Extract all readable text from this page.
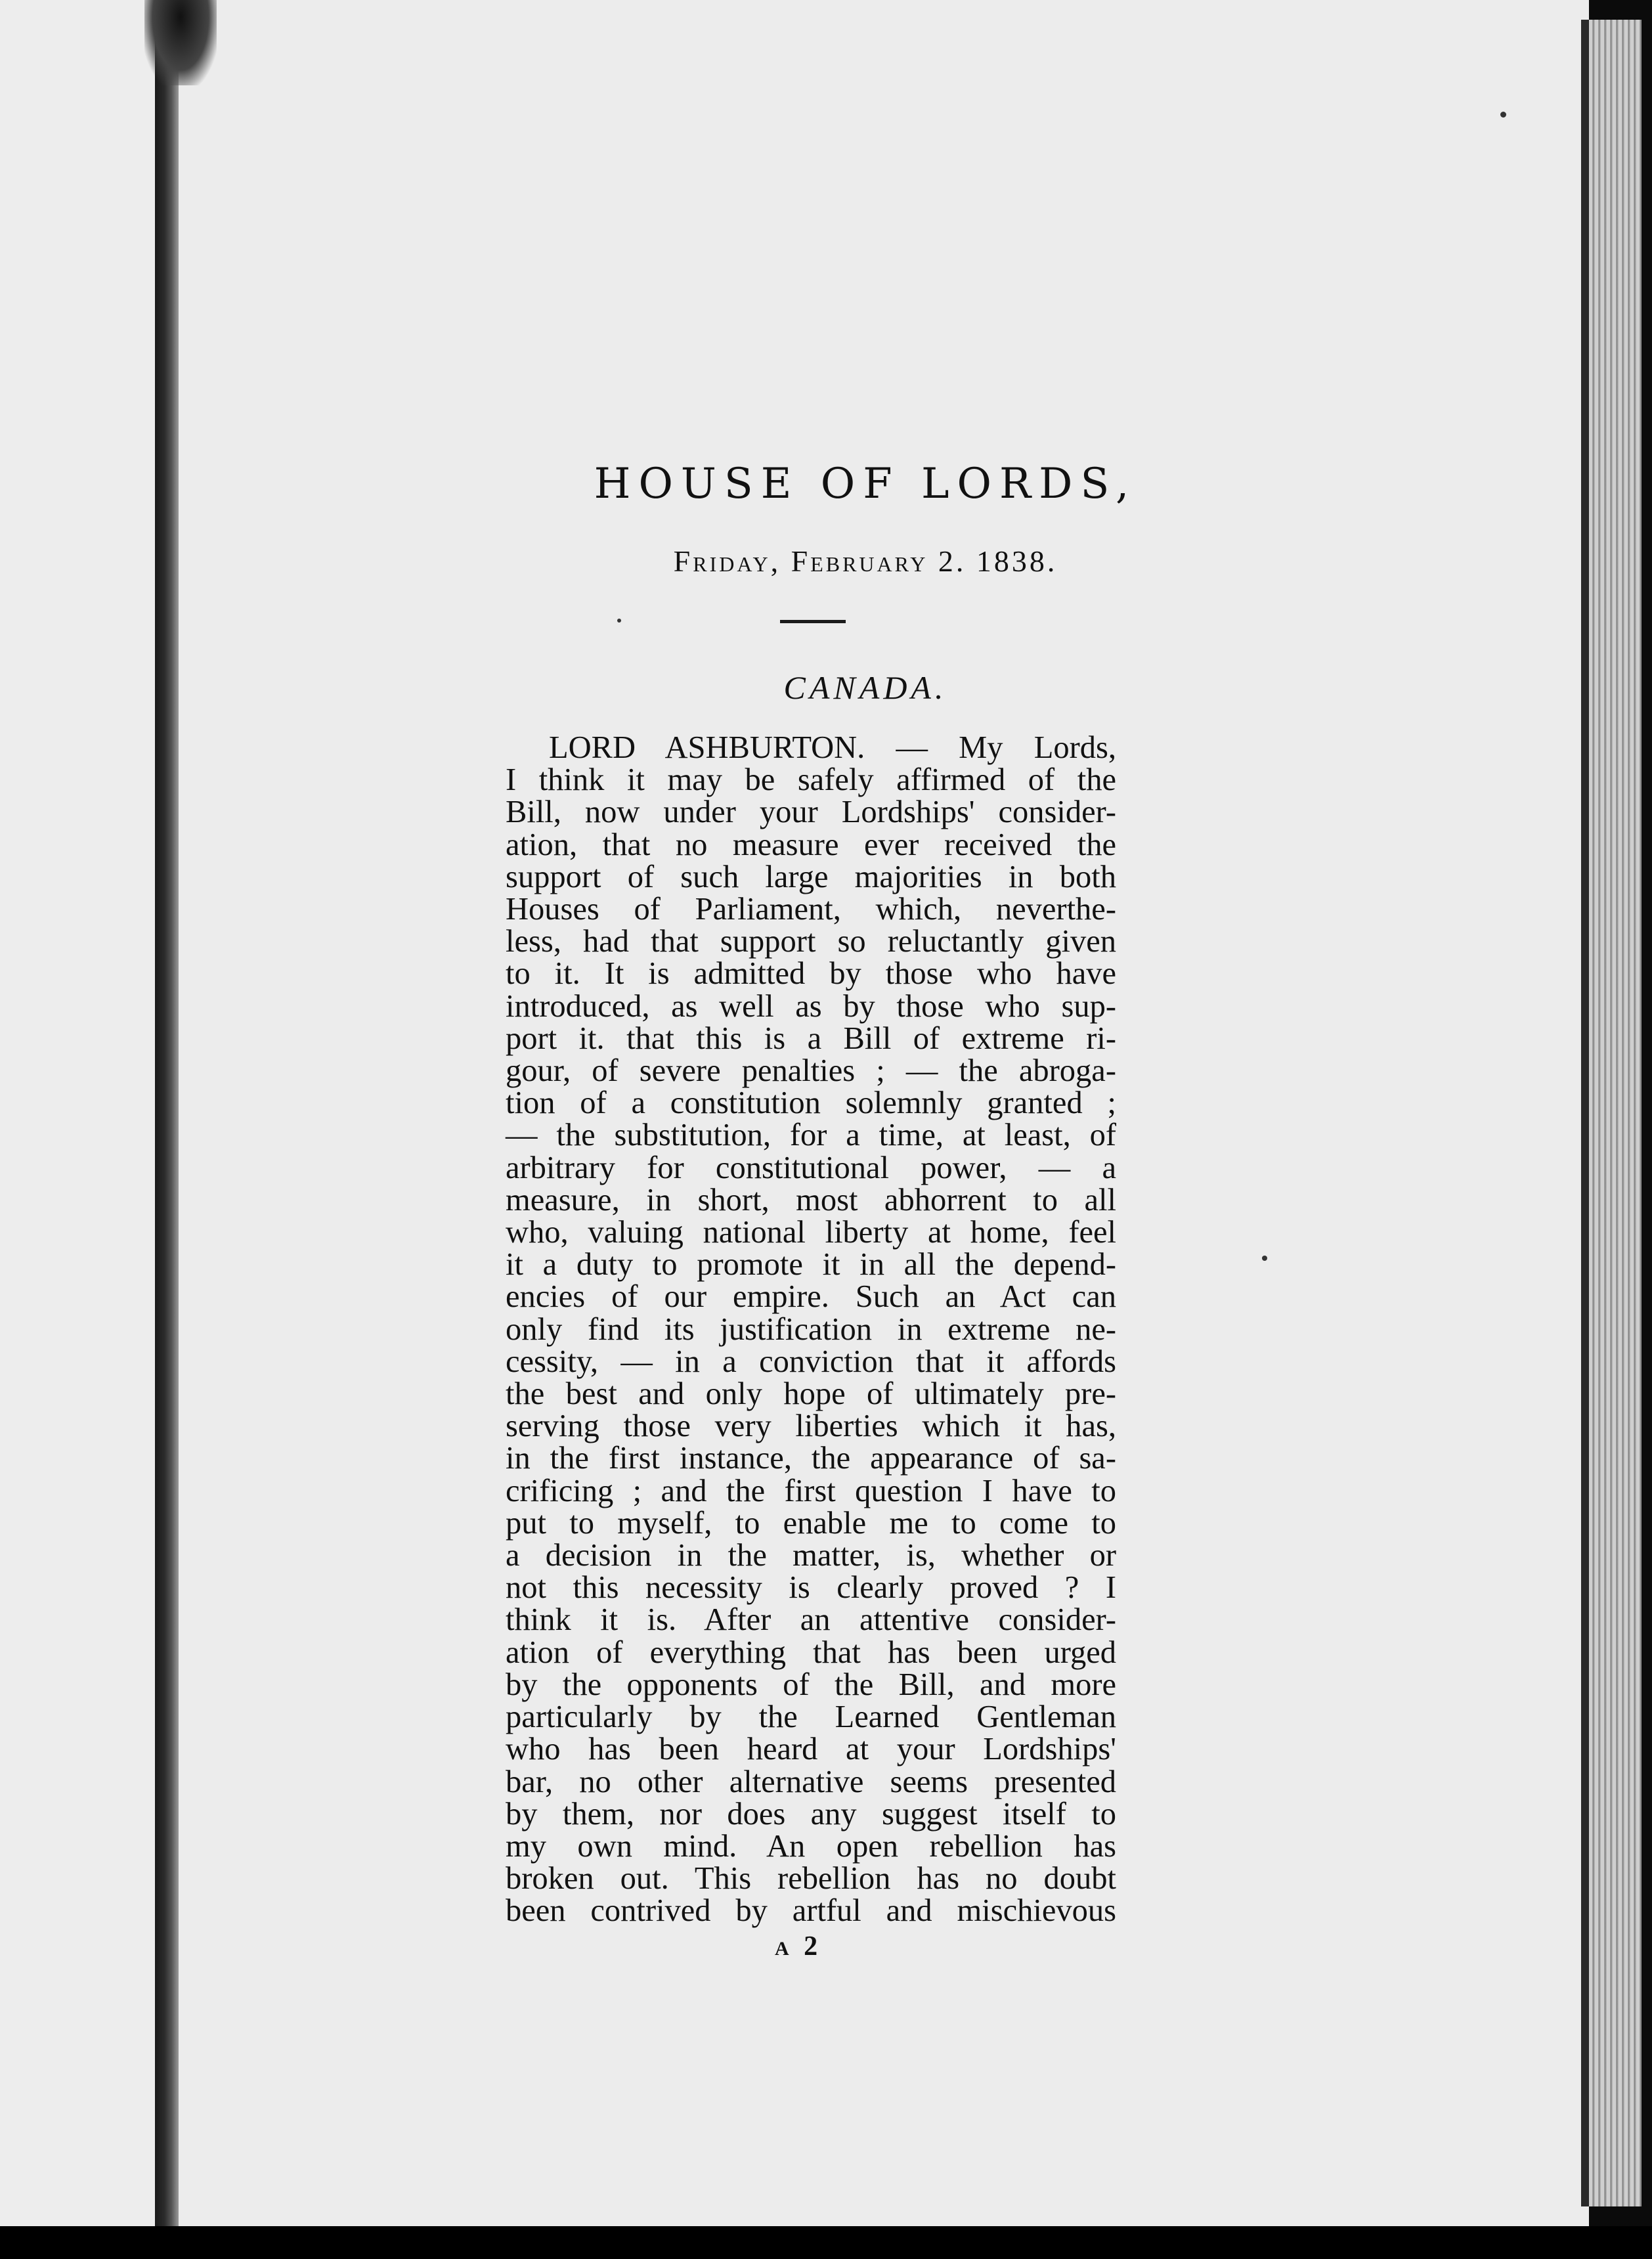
HOUSE OF LORDS,
Friday, February 2. 1838.
CANADA.
LORD ASHBURTON. — My Lords,
I think it may be safely affirmed of the
Bill, now under your Lordships' consider-
ation, that no measure ever received the
support of such large majorities in both
Houses of Parliament, which, neverthe-
less, had that support so reluctantly given
to it. It is admitted by those who have
introduced, as well as by those who sup-
port it. that this is a Bill of extreme ri-
gour, of severe penalties ; — the abroga-
tion of a constitution solemnly granted ;
— the substitution, for a time, at least, of
arbitrary for constitutional power, — a
measure, in short, most abhorrent to all
who, valuing national liberty at home, feel
it a duty to promote it in all the depend-
encies of our empire. Such an Act can
only find its justification in extreme ne-
cessity, — in a conviction that it affords
the best and only hope of ultimately pre-
serving those very liberties which it has,
in the first instance, the appearance of sa-
crificing ; and the first question I have to
put to myself, to enable me to come to
a decision in the matter, is, whether or
not this necessity is clearly proved ? I
think it is. After an attentive consider-
ation of everything that has been urged
by the opponents of the Bill, and more
particularly by the Learned Gentleman
who has been heard at your Lordships'
bar, no other alternative seems presented
by them, nor does any suggest itself to
my own mind. An open rebellion has
broken out. This rebellion has no doubt
been contrived by artful and mischievous
A 2
